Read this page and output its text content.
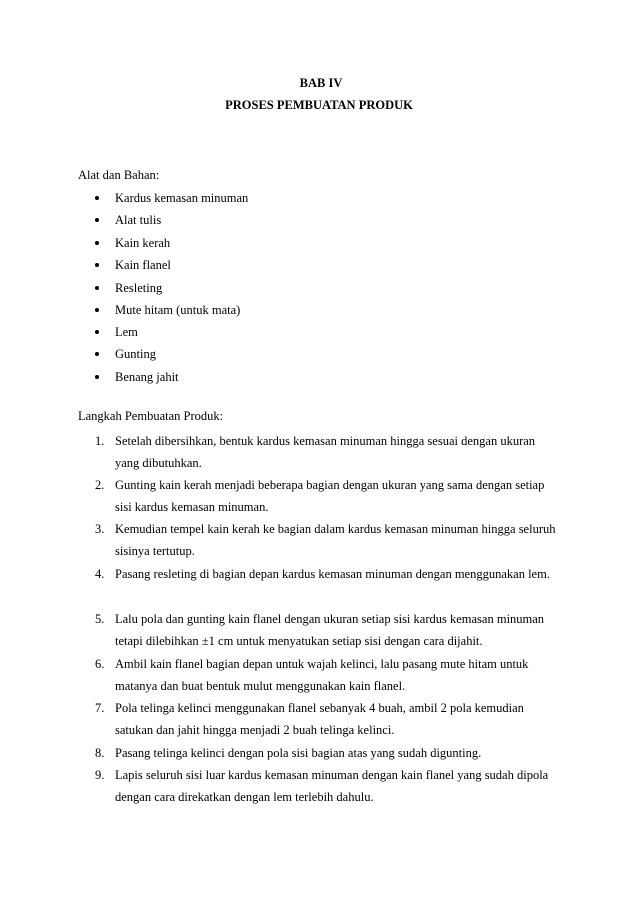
BAB IV
PROSES PEMBUATAN PRODUK
Alat dan Bahan:
Kardus kemasan minuman
Alat tulis
Kain kerah
Kain flanel
Resleting
Mute hitam (untuk mata)
Lem
Gunting
Benang jahit
Langkah Pembuatan Produk:
1. Setelah dibersihkan, bentuk kardus kemasan minuman hingga sesuai dengan ukuran yang dibutuhkan.
2. Gunting kain kerah menjadi beberapa bagian dengan ukuran yang sama dengan setiap sisi kardus kemasan minuman.
3. Kemudian tempel kain kerah ke bagian dalam kardus kemasan minuman hingga seluruh sisinya tertutup.
4. Pasang resleting di bagian depan kardus kemasan minuman dengan menggunakan lem.
5. Lalu pola dan gunting kain flanel dengan ukuran setiap sisi kardus kemasan minuman tetapi dilebihkan ±1 cm untuk menyatukan setiap sisi dengan cara dijahit.
6. Ambil kain flanel bagian depan untuk wajah kelinci, lalu pasang mute hitam untuk matanya dan buat bentuk mulut menggunakan kain flanel.
7. Pola telinga kelinci menggunakan flanel sebanyak 4 buah, ambil 2 pola kemudian satukan dan jahit hingga menjadi 2 buah telinga kelinci.
8. Pasang telinga kelinci dengan pola sisi bagian atas yang sudah digunting.
9. Lapis seluruh sisi luar kardus kemasan minuman dengan kain flanel yang sudah dipola dengan cara direkatkan dengan lem terlebih dahulu.
